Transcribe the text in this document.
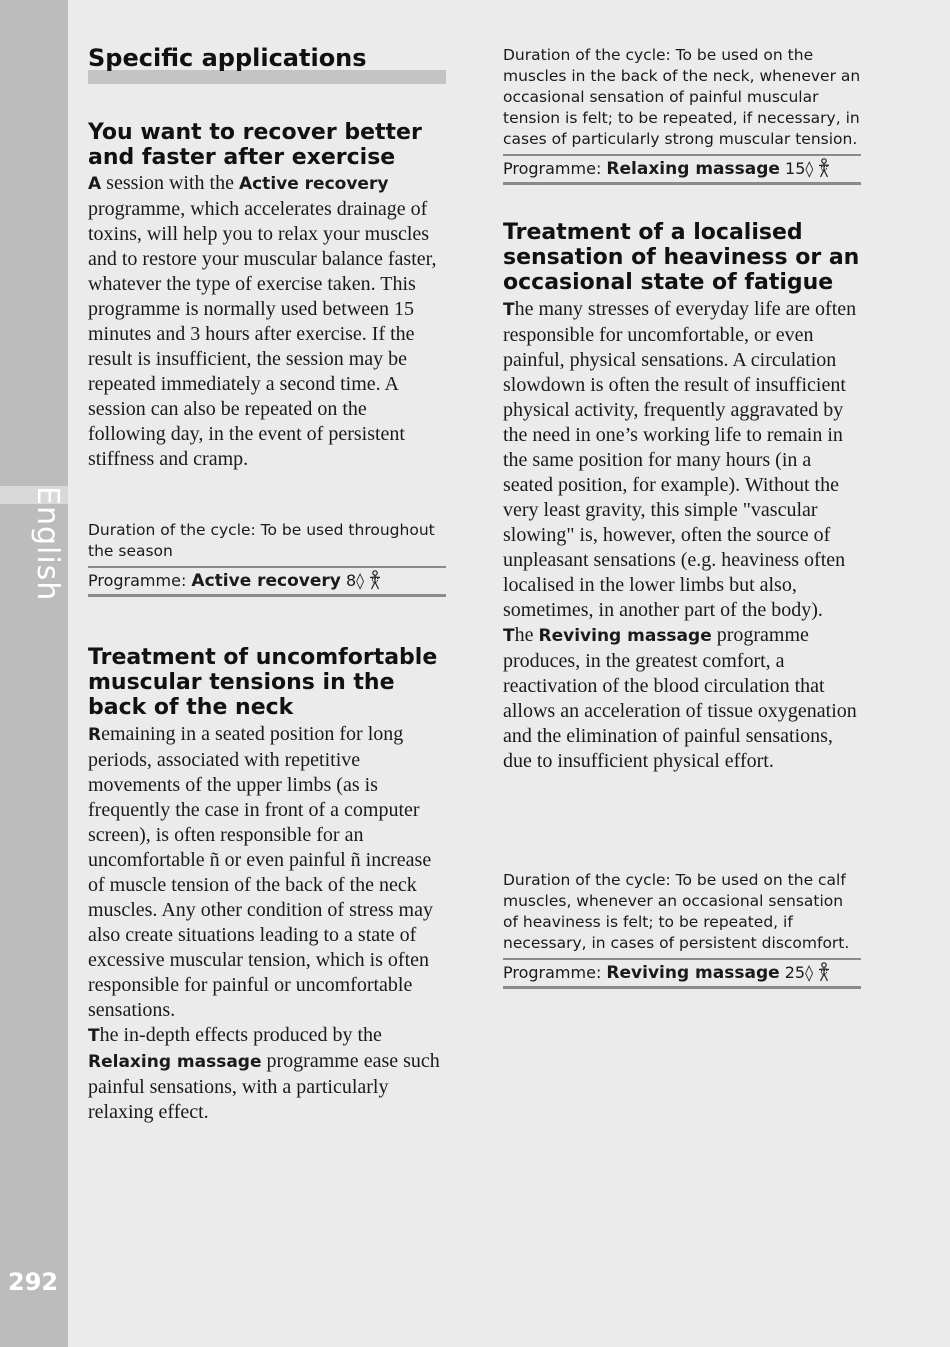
English
292
Specific applications
You want to recover better and faster after exercise

A session with the Active recovery programme, which accelerates drainage of toxins, will help you to relax your muscles and to restore your muscular balance faster, whatever the type of exercise taken. This programme is normally used between 15 minutes and 3 hours after exercise. If the result is insufficient, the session may be repeated immediately a second time. A session can also be repeated on the following day, in the event of persistent stiffness and cramp.

Duration of the cycle: To be used throughout the season

Programme: Active recovery 8◊
Treatment of uncomfortable muscular tensions in the back of the neck

Remaining in a seated position for long periods, associated with repetitive movements of the upper limbs (as is frequently the case in front of a computer screen), is often responsible for an uncomfortable ñ or even painful ñ increase of muscle tension of the back of the neck muscles. Any other condition of stress may also create situations leading to a state of excessive muscular tension, which is often responsible for painful or uncomfortable sensations.
The in-depth effects produced by the Relaxing massage programme ease such painful sensations, with a particularly relaxing effect.

Duration of the cycle: To be used on the muscles in the back of the neck, whenever an occasional sensation of painful muscular tension is felt; to be repeated, if necessary, in cases of particularly strong muscular tension.

Programme: Relaxing massage 15◊
Treatment of a localised sensation of heaviness or an occasional state of fatigue

The many stresses of everyday life are often responsible for uncomfortable, or even painful, physical sensations. A circulation slowdown is often the result of insufficient physical activity, frequently aggravated by the need in one’s working life to remain in the same position for many hours (in a seated position, for example). Without the very least gravity, this simple "vascular slowing" is, however, often the source of unpleasant sensations (e.g. heaviness often localised in the lower limbs but also, sometimes, in another part of the body).
The Reviving massage programme produces, in the greatest comfort, a reactivation of the blood circulation that allows an acceleration of tissue oxygenation and the elimination of painful sensations, due to insufficient physical effort.

Duration of the cycle: To be used on the calf muscles, whenever an occasional sensation of heaviness is felt; to be repeated, if necessary, in cases of persistent discomfort.

Programme: Reviving massage 25◊
